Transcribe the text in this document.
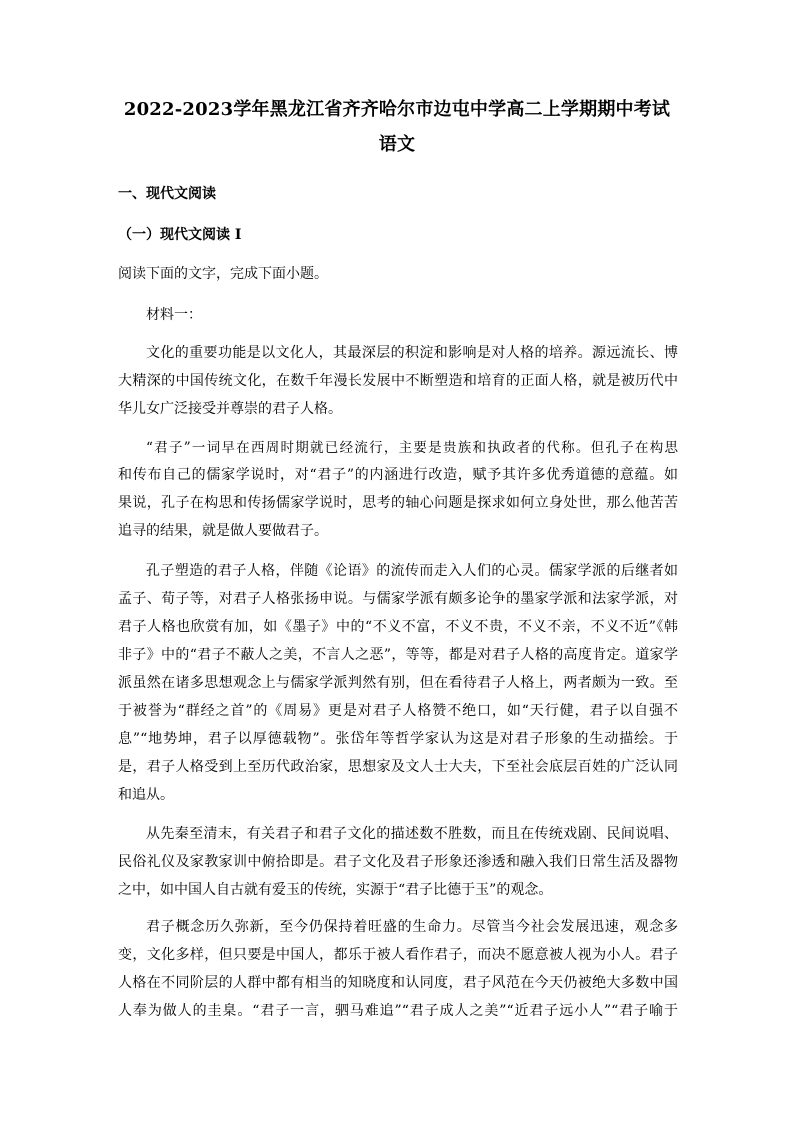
2022-2023学年黑龙江省齐齐哈尔市边屯中学高二上学期期中考试
语文
一、现代文阅读
（一）现代文阅读 I
阅读下面的文字，完成下面小题。
材料一：
文化的重要功能是以文化人，其最深层的积淀和影响是对人格的培养。源远流长、博
大精深的中国传统文化，在数千年漫长发展中不断塑造和培育的正面人格，就是被历代中
华儿女广泛接受并尊崇的君子人格。
“君子”一词早在西周时期就已经流行，主要是贵族和执政者的代称。但孔子在构思
和传布自己的儒家学说时，对“君子”的内涵进行改造，赋予其许多优秀道德的意蕴。如
果说，孔子在构思和传扬儒家学说时，思考的轴心问题是探求如何立身处世，那么他苦苦
追寻的结果，就是做人要做君子。
孔子塑造的君子人格，伴随《论语》的流传而走入人们的心灵。儒家学派的后继者如
孟子、荀子等，对君子人格张扬申说。与儒家学派有颇多论争的墨家学派和法家学派，对
君子人格也欣赏有加，如《墨子》中的“不义不富，不义不贵，不义不亲，不义不近”《韩
非子》中的“君子不蔽人之美，不言人之恶”，等等，都是对君子人格的高度肯定。道家学
派虽然在诸多思想观念上与儒家学派判然有别，但在看待君子人格上，两者颇为一致。至
于被誉为“群经之首”的《周易》更是对君子人格赞不绝口，如“天行健，君子以自强不
息”“地势坤，君子以厚德载物”。张岱年等哲学家认为这是对君子形象的生动描绘。于
是，君子人格受到上至历代政治家，思想家及文人士大夫，下至社会底层百姓的广泛认同
和追从。
从先秦至清末，有关君子和君子文化的描述数不胜数，而且在传统戏剧、民间说唱、
民俗礼仪及家教家训中俯拾即是。君子文化及君子形象还渗透和融入我们日常生活及器物
之中，如中国人自古就有爱玉的传统，实源于“君子比德于玉”的观念。
君子概念历久弥新，至今仍保持着旺盛的生命力。尽管当今社会发展迅速，观念多
变，文化多样，但只要是中国人，都乐于被人看作君子，而决不愿意被人视为小人。君子
人格在不同阶层的人群中都有相当的知晓度和认同度，君子风范在今天仍被绝大多数中国
人奉为做人的圭臬。“君子一言，驷马难追”“君子成人之美”“近君子远小人”“君子喻于
